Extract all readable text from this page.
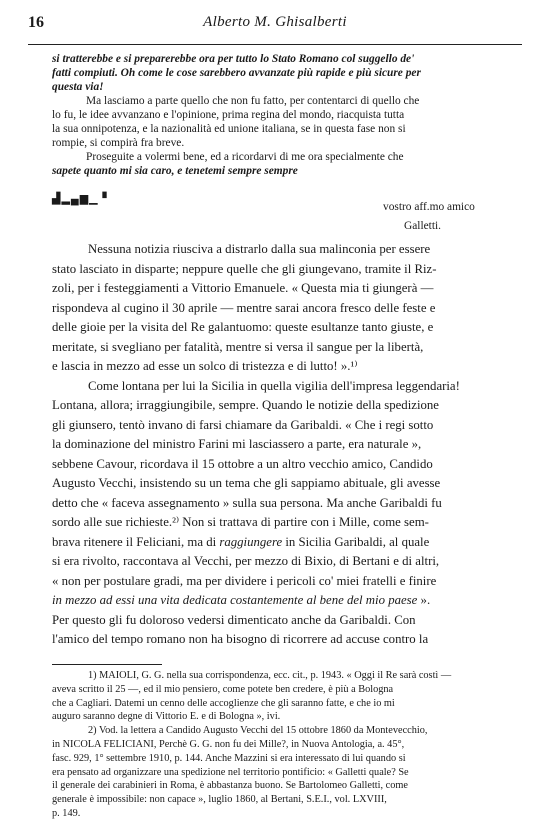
16	Alberto M. Ghisalberti
si tratterebbe e si preparerebbe ora per tutto lo Stato Romano col suggello de'
fatti compiuti. Oh come le cose sarebbero avvanzate più rapide e più sicure per
questa via!
Ma lasciamo a parte quello che non fu fatto, per contentarci di quello che
lo fu, le idee avvanzano e l'opinione, prima regina del mondo, riacquista tutta
la sua onnipotenza, e la nazionalità ed unione italiana, se in questa fase non si
rompie, si compirà fra breve.
Proseguite a volermi bene, ed a ricordarvi di me ora specialmente che
sapete quanto mi sia caro, e tenetemi sempre sempre
▟▂▄▆▁ ▘
vostro aff.mo amico
Galletti.
Nessuna notizia riusciva a distrarlo dalla sua malinconia per essere
stato lasciato in disparte; neppure quelle che gli giungevano, tramite il Riz-
zoli, per i festeggiamenti a Vittorio Emanuele. « Questa mia ti giungerà —
rispondeva al cugino il 30 aprile — mentre sarai ancora fresco delle feste e
delle gioie per la visita del Re galantuomo: queste esultanze tanto giuste, e
meritate, si svegliano per fatalità, mentre si versa il sangue per la libertà,
e lascia in mezzo ad esse un solco di tristezza e di lutto! ».¹⁾
Come lontana per lui la Sicilia in quella vigilia dell'impresa leggendaria!
Lontana, allora; irraggiungibile, sempre. Quando le notizie della spedizione
gli giunsero, tentò invano di farsi chiamare da Garibaldi. « Che i regi sotto
la dominazione del ministro Farini mi lasciassero a parte, era naturale »,
sebbene Cavour, ricordava il 15 ottobre a un altro vecchio amico, Candido
Augusto Vecchi, insistendo su un tema che gli sappiamo abituale, gli avesse
detto che « faceva assegnamento » sulla sua persona. Ma anche Garibaldi fu
sordo alle sue richieste.²⁾ Non si trattava di partire con i Mille, come sem-
brava ritenere il Feliciani, ma di raggiungere in Sicilia Garibaldi, al quale
si era rivolto, raccontava al Vecchi, per mezzo di Bixio, di Bertani e di altri,
« non per postulare gradi, ma per dividere i pericoli co' miei fratelli e finire
in mezzo ad essi una vita dedicata costantemente al bene del mio paese ».
Per questo gli fu doloroso vedersi dimenticato anche da Garibaldi. Con
l'amico del tempo romano non ha bisogno di ricorrere ad accuse contro la
1) MAIOLI, G. G. nella sua corrispondenza, ecc. cit., p. 1943. « Oggi il Re sarà costì —
aveva scritto il 25 —, ed il mio pensiero, come potete ben credere, è più a Bologna
che a Cagliari. Datemi un cenno delle accoglienze che gli saranno fatte, e che io mi
auguro saranno degne di Vittorio E. e di Bologna », ivi.
2) Vod. la lettera a Candido Augusto Vecchi del 15 ottobre 1860 da Montevecchio,
in NICOLA FELICIANI, Perchè G. G. non fu dei Mille?, in Nuova Antologia, a. 45°,
fasc. 929, 1° settembre 1910, p. 144. Anche Mazzini si era interessato di lui quando si
era pensato ad organizzare una spedizione nel territorio pontificio: « Galletti quale? Se
il generale dei carabinieri in Roma, è abbastanza buono. Se Bartolomeo Galletti, come
generale è impossibile: non capace », luglio 1860, al Bertani, S.E.I., vol. LXVIII,
p. 149.
